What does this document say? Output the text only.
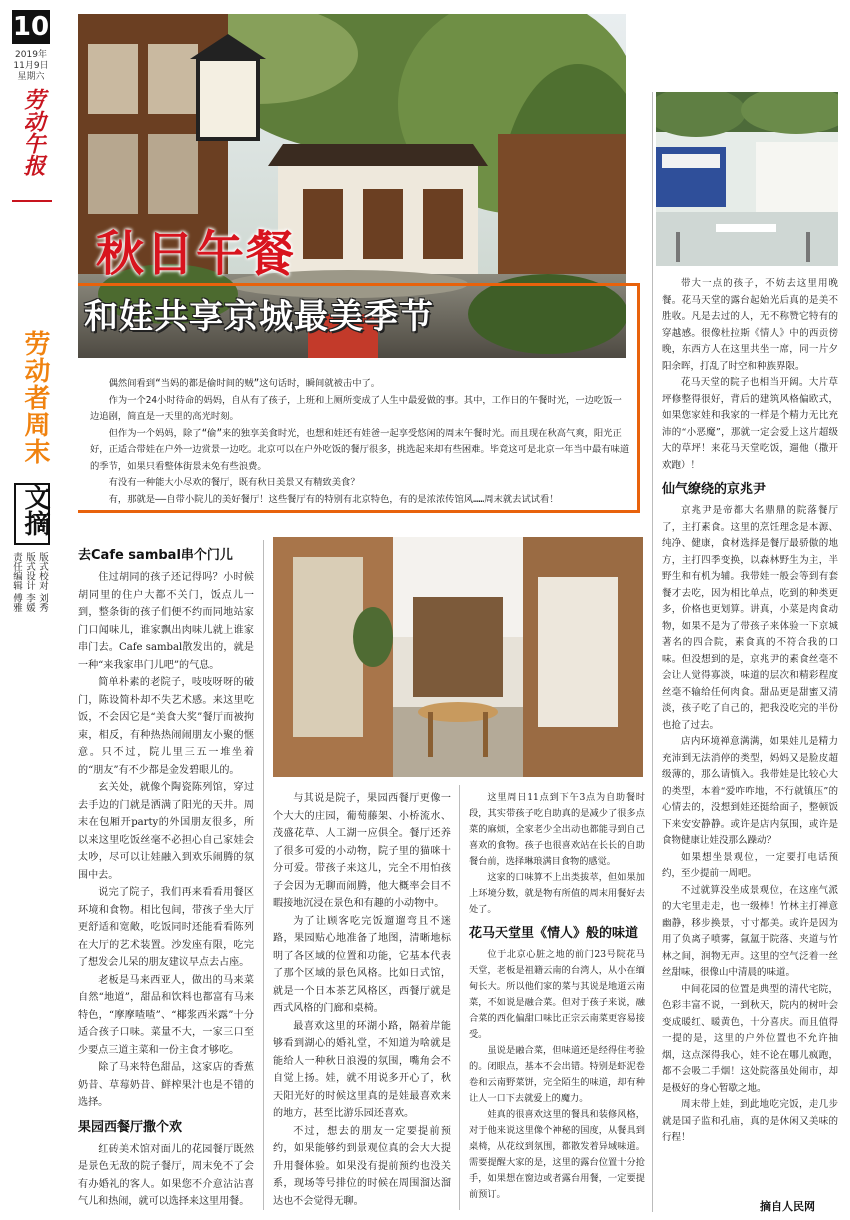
10
2019年
11月9日
星期六
劳动午报
劳动者周末
文摘
版式校对 刘秀
版式设计 李媛
责任编辑 傅雅
秋日午餐
和娃共享京城最美季节

偶然间看到“当妈的都是偷时间的贼”这句话时，瞬间就被击中了。

作为一个24小时待命的妈妈，自从有了孩子，上班和上厕所变成了人生中最爱做的事。其中，工作日的午餐时光，一边吃饭一边追剧，简直是一天里的高光时刻。

但作为一个妈妈，除了“偷”来的独享美食时光，也想和娃还有娃爸一起享受悠闲的周末午餐时光。而且现在秋高气爽，阳光正好，正适合带娃在户外一边赏景一边吃。北京可以在户外吃饭的餐厅很多，挑选起来却有些困难。毕竟这可是北京一年当中最有味道的季节，如果只看整体街景未免有些浪费。

有没有一种能大小尽欢的餐厅，既有秋日美景又有精致美食？

有，那就是——自带小院儿的美好餐厅！这些餐厅有的特别有北京特色，有的是浓浓传馆风……周末就去试试看！

去Cafe sambal串个门儿

住过胡同的孩子还记得吗？小时候胡同里的住户大都不关门，饭点儿一到，整条街的孩子们便不约而同地站家门口闻味儿，谁家飘出肉味儿就上谁家串门去。Cafe sambal散发出的，就是一种“来我家串门儿吧”的气息。

简单朴素的老院子，吱吱呀呀的破门，陈设简朴却不失艺术感。来这里吃饭，不会因它是“美食大奖”餐厅而被拘束，相反，有种热热闹闹朋友小聚的惬意。只不过，院儿里三五一堆坐着的“朋友”有不少都是金发碧眼儿的。

玄关处，就像个陶瓷陈列馆，穿过去手边的门就是洒满了阳光的天井。周末在包厢开party的外国朋友很多，所以来这里吃饭丝毫不必担心自己家娃会太吵，尽可以让娃融入到欢乐闹腾的氛围中去。

说完了院子，我们再来看看用餐区环境和食物。相比包间，带孩子坐大厅更舒适和宽敞，吃饭同时还能看看陈列在大厅的艺术装置。沙发座有限，吃完了想发会儿呆的朋友建议早点去占座。

老板是马来西亚人，做出的马来菜自然“地道”，甜品和饮料也都富有马来特色，“摩摩喳喳”、“椰浆西米露”十分适合孩子口味。菜量不大，一家三口至少要点三道主菜和一份主食才够吃。

除了马来特色甜品，这家店的香蕉奶昔、草莓奶昔、鲜榨果汁也是不错的选择。

果园西餐厅撒个欢

红砖美术馆对面儿的花园餐厅既然是景色无敌的院子餐厅，周末免不了会有办婚礼的客人。如果您不介意沾沾喜气儿和热闹，就可以选择来这里用餐。

与其说是院子，果园西餐厅更像一个大大的庄园，葡萄藤架、小桥流水、茂盛花草、人工湖一应俱全。餐厅还养了很多可爱的小动物，院子里的猫咪十分可爱。带孩子来这儿，完全不用怕孩子会因为无聊而闹腾，他大概率会目不暇接地沉浸在景色和有趣的小动物中。

为了让顾客吃完饭遛遛弯且不迷路，果园贴心地准备了地图，清晰地标明了各区域的位置和功能，它基本代表了那个区域的景色风格。比如日式馆，就是一个日本茶艺风格区，西餐厅就是西式风格的门廊和桌椅。

最喜欢这里的环湖小路，隔着岸能够看到湖心的婚礼堂，不知道为啥就是能给人一种秋日浪漫的氛围，嘴角会不自觉上扬。娃，就不用说多开心了，秋天阳光好的时候这里真的是娃最喜欢来的地方，甚至比游乐园还喜欢。

不过，想去的朋友一定要提前预约，如果能够约到景观位真的会大大提升用餐体验。如果没有提前预约也没关系，现场等号排位的时候在周围溜达溜达也不会觉得无聊。

这里周日11点到下午3点为自助餐时段，其实带孩子吃自助真的是减少了很多点菜的麻烦，全家老少全出动也都能寻到自己喜欢的食物。孩子也很喜欢站在长长的自助餐台前，选择琳琅满目食物的感觉。

这家的口味算不上出类拔萃，但如果加上环境分数，就是物有所值的周末用餐好去处了。

花马天堂里《情人》般的味道

位于北京心脏之地的前门23号院花马天堂，老板是祖籍云南的台湾人，从小在缅甸长大。所以他们家的菜与其说是地道云南菜，不如说是融合菜。但对于孩子来说，融合菜的西化偏甜口味比正宗云南菜更容易接受。

虽说是融合菜，但味道还是经得住考验的。闭眼点，基本不会出错。特别是虾泥卷卷和云南野菜饼，完全陌生的味道，却有种让人一口下去就爱上的魔力。

娃真的很喜欢这里的餐具和装修风格，对于他来说这里像个神秘的国度，从餐具到桌椅，从花纹到氛围，都散发着异域味道。需要提醒大家的是，这里的露台位置十分抢手，如果想在窗边或者露台用餐，一定要提前预订。

带大一点的孩子，不妨去这里用晚餐。花马天堂的露台起始光后真的是美不胜收。凡是去过的人，无不称赞它特有的穿越感。很像杜拉斯《情人》中的西贡傍晚，东西方人在这里共坐一席，同一片夕阳余晖，打乱了时空和种族界限。

花马天堂的院子也相当开阔。大片草坪修整得很好，背后的建筑风格偏欧式，如果您家娃和我家的一样是个精力无比充沛的“小恶魔”，那就一定会爱上这片超级大的草坪！来花马天堂吃饭，遛他（撒开欢跑）！

仙气缭绕的京兆尹

京兆尹是帝都大名鼎鼎的院落餐厅了，主打素食。这里的烹饪理念是本源、纯净、健康，食材选择是餐厅最骄傲的地方，主打四季变换，以森林野生为主，半野生和有机为辅。我带娃一般会等到有套餐才去吃，因为相比单点，吃到的种类更多，价格也更划算。讲真，小菜是肉食动物，如果不是为了带孩子来体验一下京城著名的四合院，素食真的不符合我的口味。但没想到的是，京兆尹的素食丝毫不会让人觉得寡淡，味道的层次和精彩程度丝毫不输给任何肉食。甜品更是甜蜜又清淡，孩子吃了自己的，把我没吃完的半份也抢了过去。

店内环境禅意满满，如果娃儿是精力充沛到无法消停的类型，妈妈又是脸皮超级薄的，那么请慎入。我带娃是比较心大的类型，本着“爱咋咋地，不行就镇压”的心情去的，没想到娃还挺给面子，整顿饭下来安安静静。或许是店内氛围，或许是食物健康让娃没那么躁动？

如果想坐景观位，一定要打电话预约，至少提前一周吧。

不过就算没坐成景观位，在这座气派的大宅里走走，也一级棒！竹林主打禅意幽静，移步换景，寸寸都美。或许是因为用了负离子喷雾，氤氲于院落、夹道与竹林之间，润物无声。这里的空气泛着一丝丝甜味，很像山中清晨的味道。

中间花园的位置是典型的清代宅院，色彩丰富不说，一到秋天，院内的树叶会变成暖红、暖黄色，十分喜庆。而且值得一提的是，这里的户外位置也不允许抽烟，这点深得我心，娃不论在哪儿疯跑，都不会吸二手烟！这处院落虽处闹市，却是极好的身心暂歇之地。

周末带上娃，到此地吃完饭，走几步就是国子监和孔庙，真的是休闲又美味的行程！

摘自人民网
